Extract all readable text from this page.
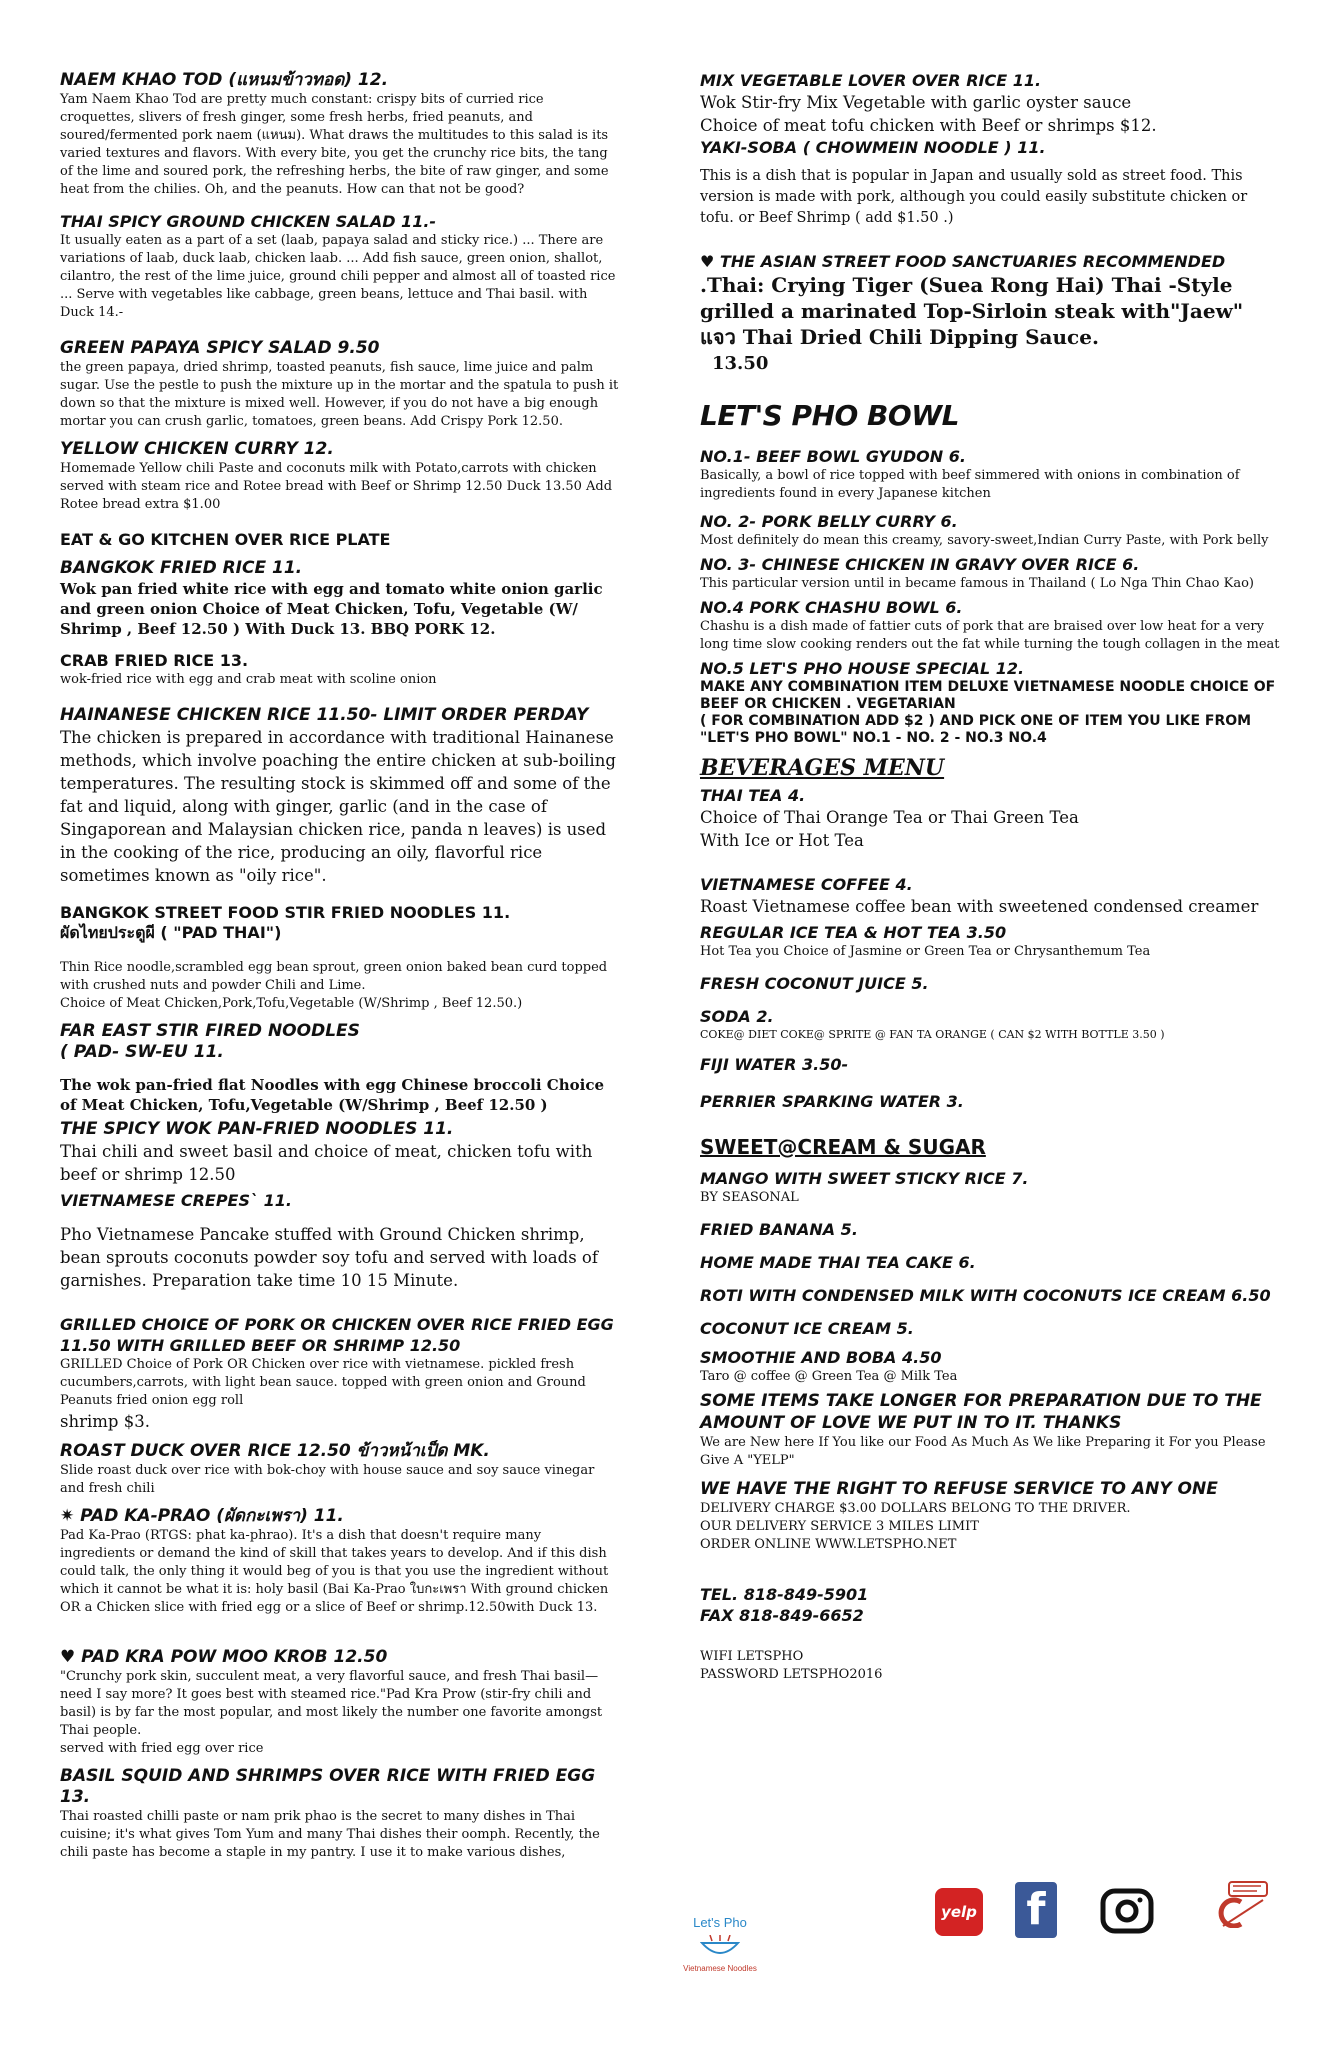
NAEM KHAO TOD (แหนมข้าวทอด) 12.

Yam Naem Khao Tod are pretty much constant: crispy bits of curried rice croquettes, slivers of fresh ginger, some fresh herbs, fried peanuts, and soured/fermented pork naem (แหนม). What draws the multitudes to this salad is its varied textures and flavors. With every bite, you get the crunchy rice bits, the tang of the lime and soured pork, the refreshing herbs, the bite of raw ginger, and some heat from the chilies. Oh, and the peanuts. How can that not be good?

THAI SPICY GROUND CHICKEN SALAD 11.-

It usually eaten as a part of a set (laab, papaya salad and sticky rice.) ... There are variations of laab, duck laab, chicken laab. ... Add fish sauce, green onion, shallot, cilantro, the rest of the lime juice, ground chili pepper and almost all of toasted rice ... Serve with vegetables like cabbage, green beans, lettuce and Thai basil. with Duck 14.-

GREEN PAPAYA SPICY SALAD 9.50

the green papaya, dried shrimp, toasted peanuts, fish sauce, lime juice and palm sugar. Use the pestle to push the mixture up in the mortar and the spatula to push it down so that the mixture is mixed well. However, if you do not have a big enough mortar you can crush garlic, tomatoes, green beans. Add Crispy Pork 12.50.

YELLOW CHICKEN CURRY 12.

Homemade Yellow chili Paste and coconuts milk with Potato,carrots with chicken served with steam rice and Rotee bread with Beef or Shrimp 12.50 Duck 13.50 Add Rotee bread extra $1.00

EAT & GO KITCHEN OVER RICE PLATE

BANGKOK FRIED RICE 11.

Wok pan fried white rice with egg and tomato white onion garlic and green onion Choice of Meat Chicken, Tofu, Vegetable (W/ Shrimp , Beef 12.50 ) With Duck 13. BBQ PORK 12.

CRAB FRIED RICE 13.

wok-fried rice with egg and crab meat with scoline onion

HAINANESE CHICKEN RICE 11.50- LIMIT ORDER PERDAY

The chicken is prepared in accordance with traditional Hainanese methods, which involve poaching the entire chicken at sub-boiling temperatures. The resulting stock is skimmed off and some of the fat and liquid, along with ginger, garlic (and in the case of Singaporean and Malaysian chicken rice, panda n leaves) is used in the cooking of the rice, producing an oily, flavorful rice sometimes known as "oily rice".

BANGKOK STREET FOOD STIR FRIED NOODLES 11.

ผัดไทยประตูผี ( "PAD THAI")

Thin Rice noodle,scrambled egg bean sprout, green onion baked bean curd topped with crushed nuts and powder Chili and Lime.

Choice of Meat Chicken,Pork,Tofu,Vegetable (W/Shrimp , Beef 12.50.)

FAR EAST STIR FIRED NOODLES

( PAD- SW-EU 11.

The wok pan-fried flat Noodles with egg Chinese broccoli Choice of Meat Chicken, Tofu,Vegetable (W/Shrimp , Beef 12.50 )

THE SPICY WOK PAN-FRIED NOODLES 11.

Thai chili and sweet basil and choice of meat, chicken tofu with beef or shrimp 12.50

VIETNAMESE CREPES` 11.

Pho Vietnamese Pancake stuffed with Ground Chicken shrimp, bean sprouts coconuts powder soy tofu and served with loads of garnishes. Preparation take time 10 15 Minute.

GRILLED CHOICE OF PORK OR CHICKEN OVER RICE FRIED EGG 11.50 WITH GRILLED BEEF OR SHRIMP 12.50

GRILLED Choice of Pork OR Chicken over rice with vietnamese. pickled fresh cucumbers,carrots, with light bean sauce. topped with green onion and Ground Peanuts fried onion egg roll

shrimp $3.

ROAST DUCK OVER RICE 12.50 ข้าวหน้าเป็ด MK.

Slide roast duck over rice with bok-choy with house sauce and soy sauce vinegar and fresh chili

✷ PAD KA-PRAO (ผัดกะเพรา) 11.

Pad Ka-Prao (RTGS: phat ka-phrao). It's a dish that doesn't require many ingredients or demand the kind of skill that takes years to develop. And if this dish could talk, the only thing it would beg of you is that you use the ingredient without which it cannot be what it is: holy basil (Bai Ka-Prao ใบกะเพรา With ground chicken OR a Chicken slice with fried egg or a slice of Beef or shrimp.12.50with Duck 13.

♥ PAD KRA POW MOO KROB 12.50

"Crunchy pork skin, succulent meat, a very flavorful sauce, and fresh Thai basil—need I say more? It goes best with steamed rice."Pad Kra Prow (stir-fry chili and basil) is by far the most popular, and most likely the number one favorite amongst Thai people.

served with fried egg over rice

BASIL SQUID AND SHRIMPS OVER RICE WITH FRIED EGG 13.

Thai roasted chilli paste or nam prik phao is the secret to many dishes in Thai cuisine; it's what gives Tom Yum and many Thai dishes their oomph. Recently, the chili paste has become a staple in my pantry. I use it to make various dishes,

MIX VEGETABLE LOVER OVER RICE 11.

Wok Stir-fry Mix Vegetable with garlic oyster sauce

Choice of meat tofu chicken with Beef or shrimps $12.

YAKI-SOBA ( CHOWMEIN NOODLE ) 11.

This is a dish that is popular in Japan and usually sold as street food. This version is made with pork, although you could easily substitute chicken or tofu. or Beef Shrimp ( add $1.50 .)

♥ THE ASIAN STREET FOOD SANCTUARIES RECOMMENDED

.Thai: Crying Tiger (Suea Rong Hai) Thai -Style grilled a marinated Top-Sirloin steak with"Jaew" แจว Thai Dried Chili Dipping Sauce.

13.50

LET'S PHO BOWL

NO.1- BEEF BOWL GYUDON 6.

Basically, a bowl of rice topped with beef simmered with onions in combination of ingredients found in every Japanese kitchen

NO. 2- PORK BELLY CURRY 6.

Most definitely do mean this creamy, savory-sweet,Indian Curry Paste, with Pork belly

NO. 3- CHINESE CHICKEN IN GRAVY OVER RICE 6.

This particular version until in became famous in Thailand ( Lo Nga Thin Chao Kao)

NO.4 PORK CHASHU BOWL 6.

Chashu is a dish made of fattier cuts of pork that are braised over low heat for a very long time slow cooking renders out the fat while turning the tough collagen in the meat

NO.5 LET'S PHO HOUSE SPECIAL 12.

MAKE ANY COMBINATION ITEM DELUXE VIETNAMESE NOODLE CHOICE OF BEEF OR CHICKEN . VEGETARIAN

( FOR COMBINATION ADD $2 ) AND PICK ONE OF ITEM YOU LIKE FROM "LET'S PHO BOWL" NO.1 - NO. 2 - NO.3 NO.4

BEVERAGES MENU

THAI TEA 4.

Choice of Thai Orange Tea or Thai Green Tea

With Ice or Hot Tea

VIETNAMESE COFFEE 4.

Roast Vietnamese coffee bean with sweetened condensed creamer

REGULAR ICE TEA & HOT TEA 3.50

Hot Tea you Choice of Jasmine or Green Tea or Chrysanthemum Tea

FRESH COCONUT JUICE 5.

SODA 2.

COKE@ DIET COKE@ SPRITE @ FAN TA ORANGE ( CAN $2 WITH BOTTLE 3.50 )

FIJI WATER 3.50-

PERRIER SPARKING WATER 3.

SWEET@CREAM & SUGAR

MANGO WITH SWEET STICKY RICE 7.

BY SEASONAL

FRIED BANANA 5.

HOME MADE THAI TEA CAKE 6.

ROTI WITH CONDENSED MILK WITH COCONUTS ICE CREAM 6.50

COCONUT ICE CREAM 5.

SMOOTHIE AND BOBA 4.50

Taro @ coffee @ Green Tea @ Milk Tea

SOME ITEMS TAKE LONGER FOR PREPARATION DUE TO THE AMOUNT OF LOVE WE PUT IN TO IT. THANKS

We are New here If You like our Food As Much As We like Preparing it For you Please Give A "YELP"

WE HAVE THE RIGHT TO REFUSE SERVICE TO ANY ONE

DELIVERY CHARGE $3.00 DOLLARS BELONG TO THE DRIVER.

OUR DELIVERY SERVICE 3 MILES LIMIT

ORDER ONLINE WWW.LETSPHO.NET

TEL. 818-849-5901

FAX 818-849-6652

WIFI LETSPHO

PASSWORD LETSPHO2016

Let's Pho
Vietnamese Noodles
yelp f
